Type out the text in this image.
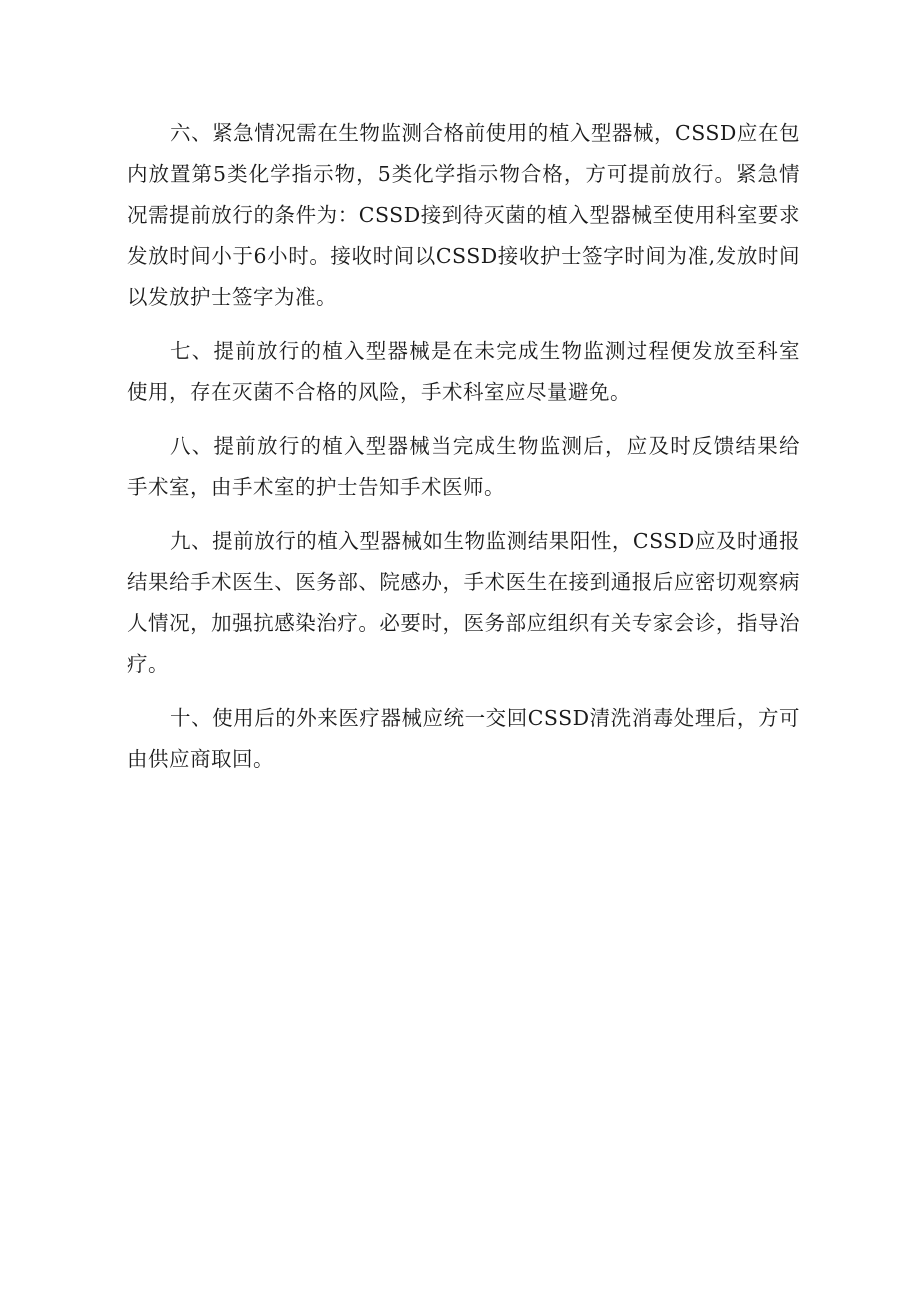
六、紧急情况需在生物监测合格前使用的植入型器械，CSSD应在包内放置第5类化学指示物，5类化学指示物合格，方可提前放行。紧急情况需提前放行的条件为：CSSD接到待灭菌的植入型器械至使用科室要求发放时间小于6小时。接收时间以CSSD接收护士签字时间为准,发放时间以发放护士签字为准。

七、提前放行的植入型器械是在未完成生物监测过程便发放至科室使用，存在灭菌不合格的风险，手术科室应尽量避免。

八、提前放行的植入型器械当完成生物监测后，应及时反馈结果给手术室，由手术室的护士告知手术医师。

九、提前放行的植入型器械如生物监测结果阳性，CSSD应及时通报结果给手术医生、医务部、院感办，手术医生在接到通报后应密切观察病人情况，加强抗感染治疗。必要时，医务部应组织有关专家会诊，指导治疗。

十、使用后的外来医疗器械应统一交回CSSD清洗消毒处理后，方可由供应商取回。
